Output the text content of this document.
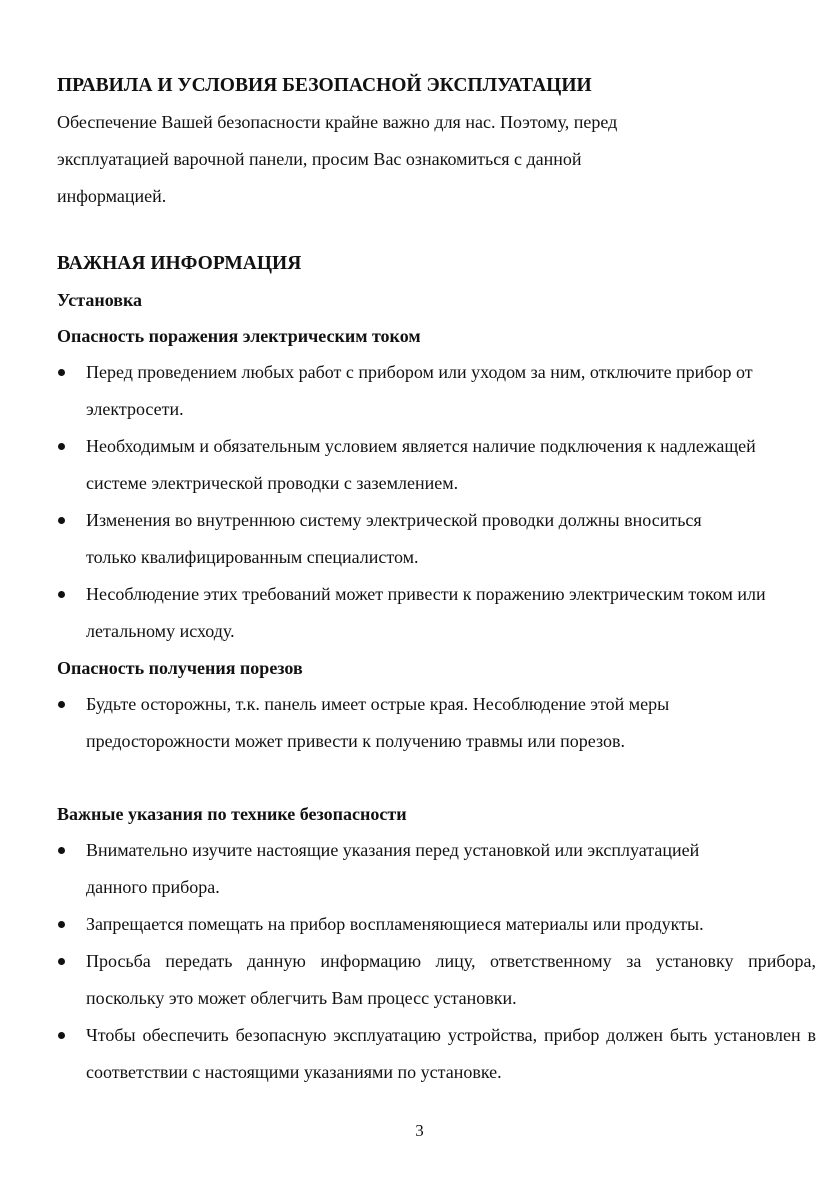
ПРАВИЛА И УСЛОВИЯ БЕЗОПАСНОЙ ЭКСПЛУАТАЦИИ

Обеспечение Вашей безопасности крайне важно для нас. Поэтому, перед
эксплуатацией варочной панели, просим Вас ознакомиться с данной
информацией.

ВАЖНАЯ ИНФОРМАЦИЯ
Установка
Опасность поражения электрическим током
Перед проведением любых работ с прибором или уходом за ним, отключите прибор от электросети.
Необходимым и обязательным условием является наличие подключения к надлежащей системе электрической проводки с заземлением.
Изменения во внутреннюю систему электрической проводки должны вноситься только квалифицированным специалистом.
Несоблюдение этих требований может привести к поражению электрическим током или летальному исходу.
Опасность получения порезов
Будьте осторожны, т.к. панель имеет острые края. Несоблюдение этой меры предосторожности может привести к получению травмы или порезов.
Важные указания по технике безопасности
Внимательно изучите настоящие указания перед установкой или эксплуатацией данного прибора.
Запрещается помещать на прибор воспламеняющиеся материалы или продукты.
Просьба передать данную информацию лицу, ответственному за установку прибора, поскольку это может облегчить Вам процесс установки.
Чтобы обеспечить безопасную эксплуатацию устройства, прибор должен быть установлен в соответствии с настоящими указаниями по установке.
3
